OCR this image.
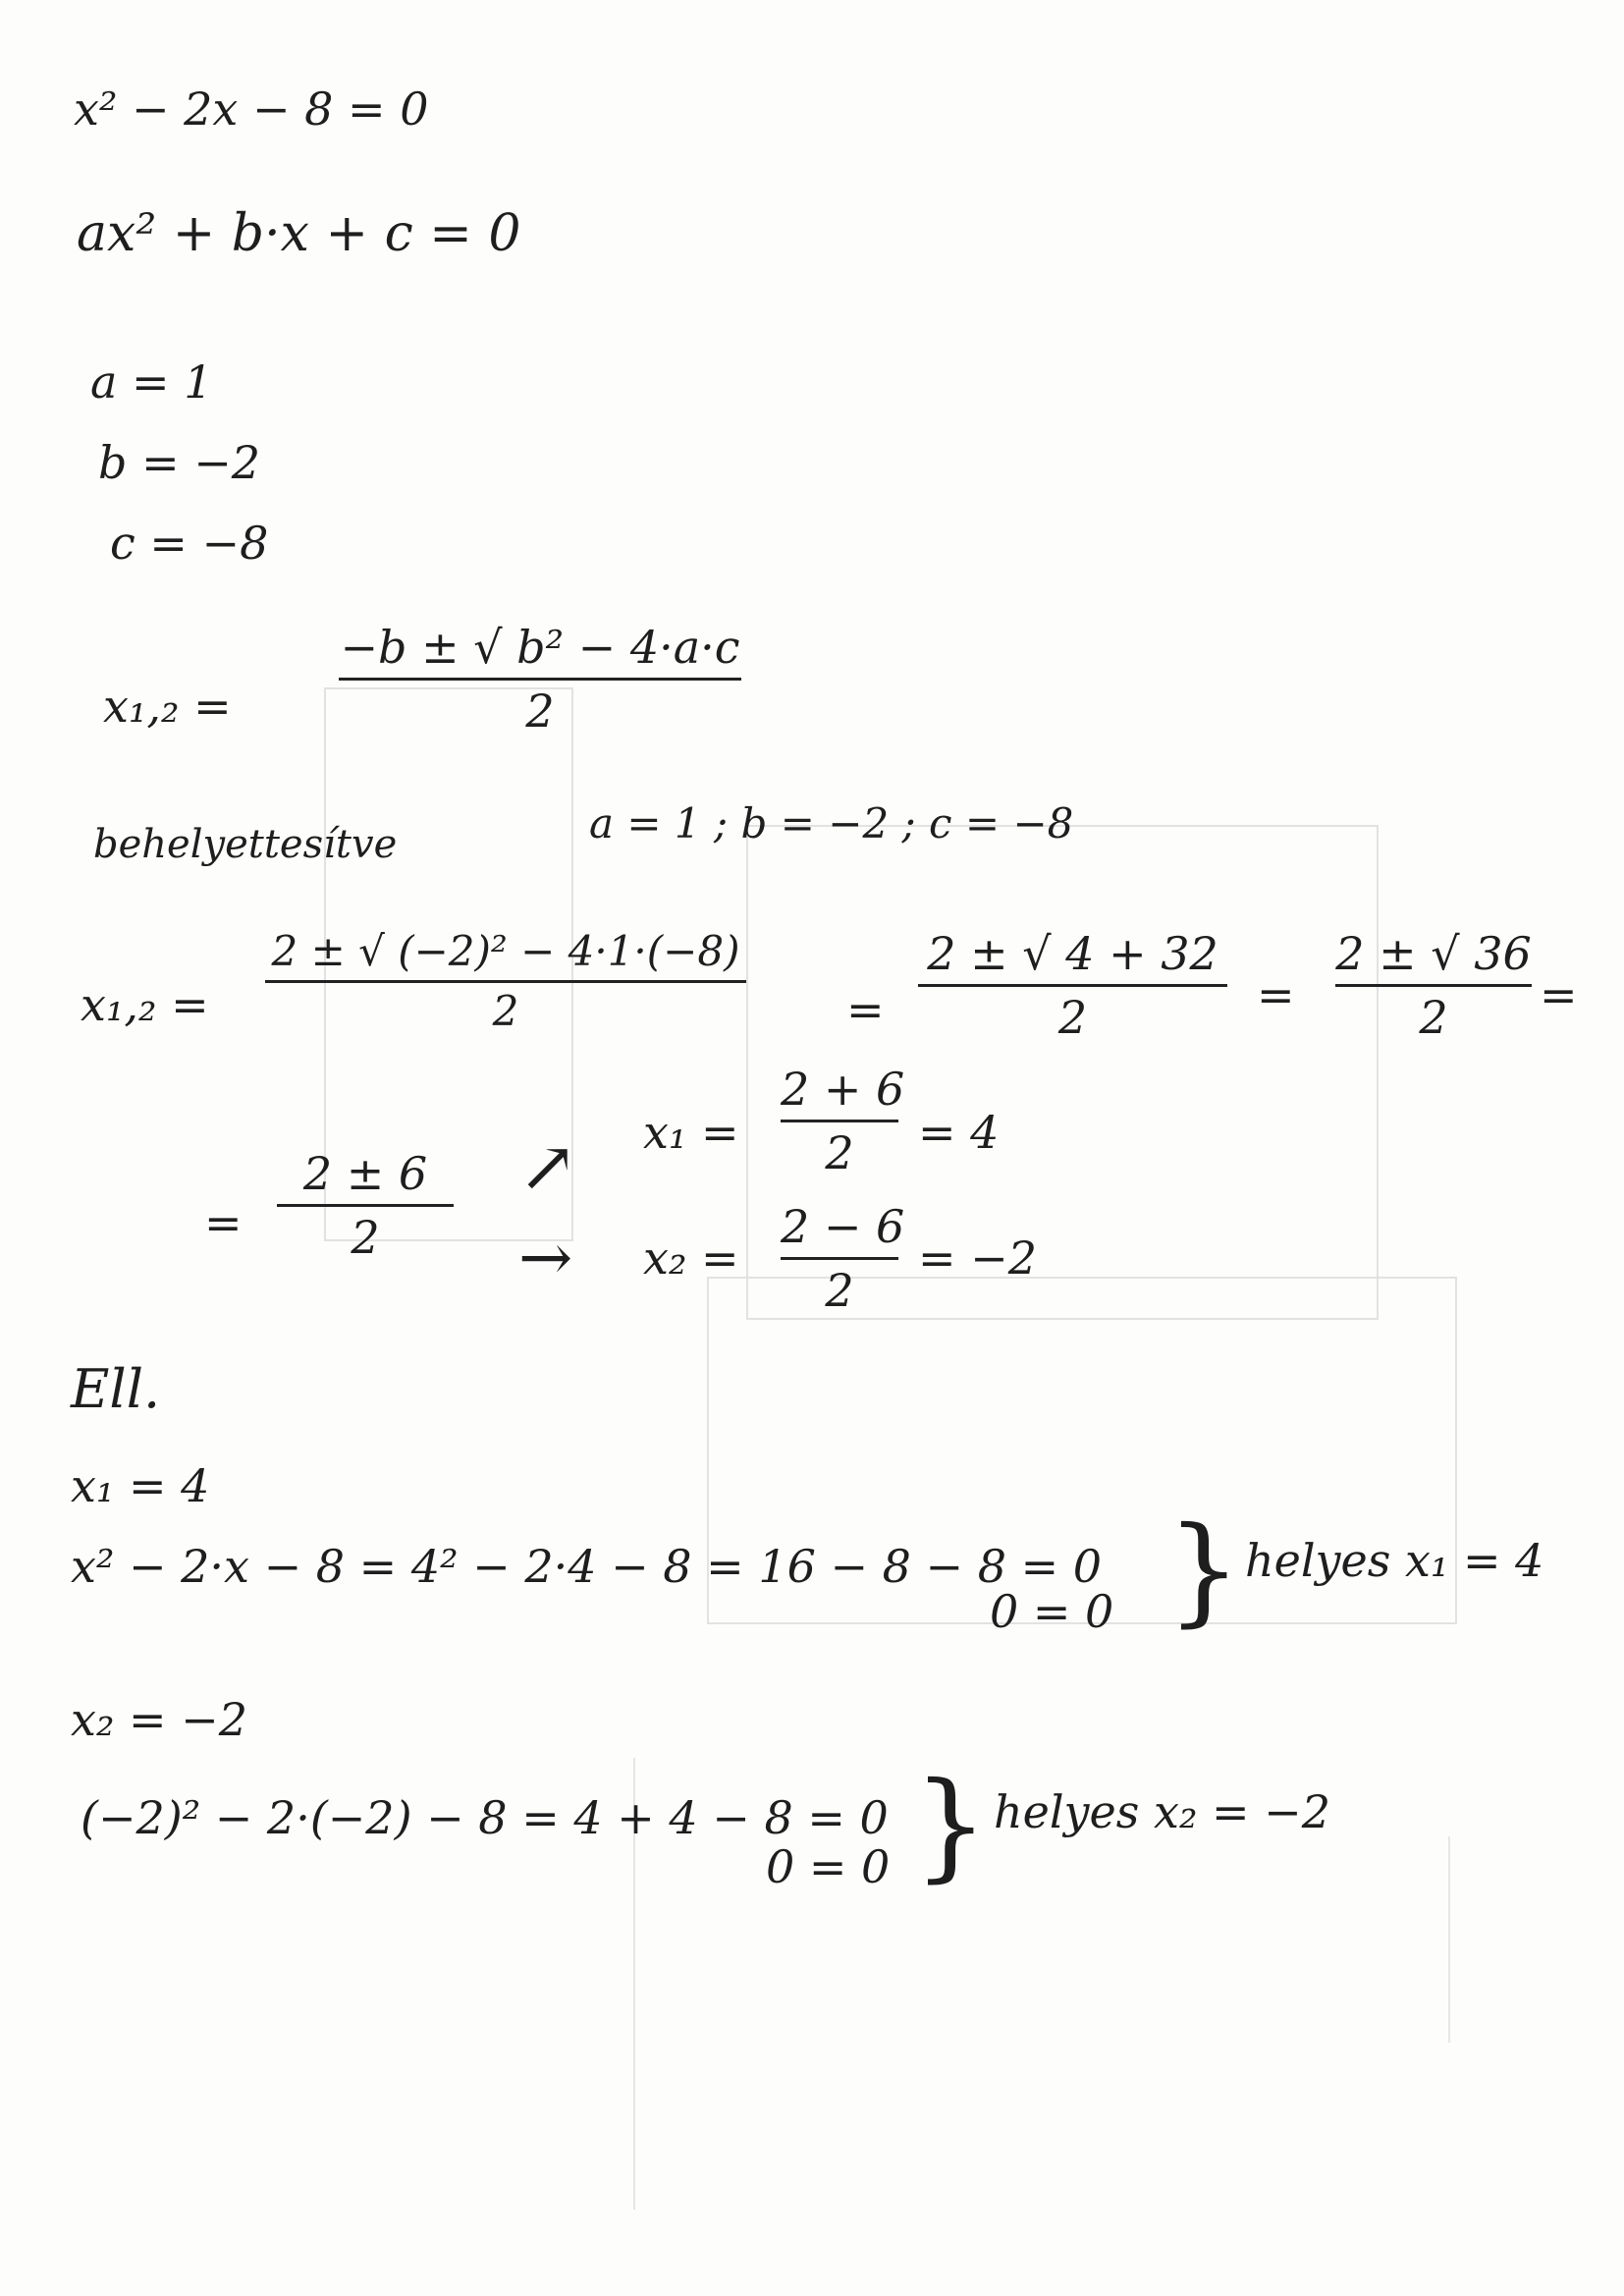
x² − 2x − 8 = 0
ax² + b·x + c = 0
a = 1
b = −2
c = −8
x₁,₂ =
−b ± √ b² − 4·a·c
2
behelyettesítve	a = 1 ; b = −2 ; c = −8
x₁,₂ =
2 ± √ (−2)² − 4·1·(−8)
2	=
2 ± √ 4 + 32
2	=
2 ± √ 36
2	=
=
2 ± 6
2
↗
→
x₁ =
2 + 6
2	= 4
x₂ =
2 − 6
2
= −2
Ell.
x₁ = 4
x² − 2·x − 8 = 4² − 2·4 − 8 = 16 − 8 − 8 = 0
0 = 0 } helyes x₁ = 4
x₂ = −2
(−2)² − 2·(−2) − 8 = 4 + 4 − 8 = 0
0 = 0 } helyes x₂ = −2
